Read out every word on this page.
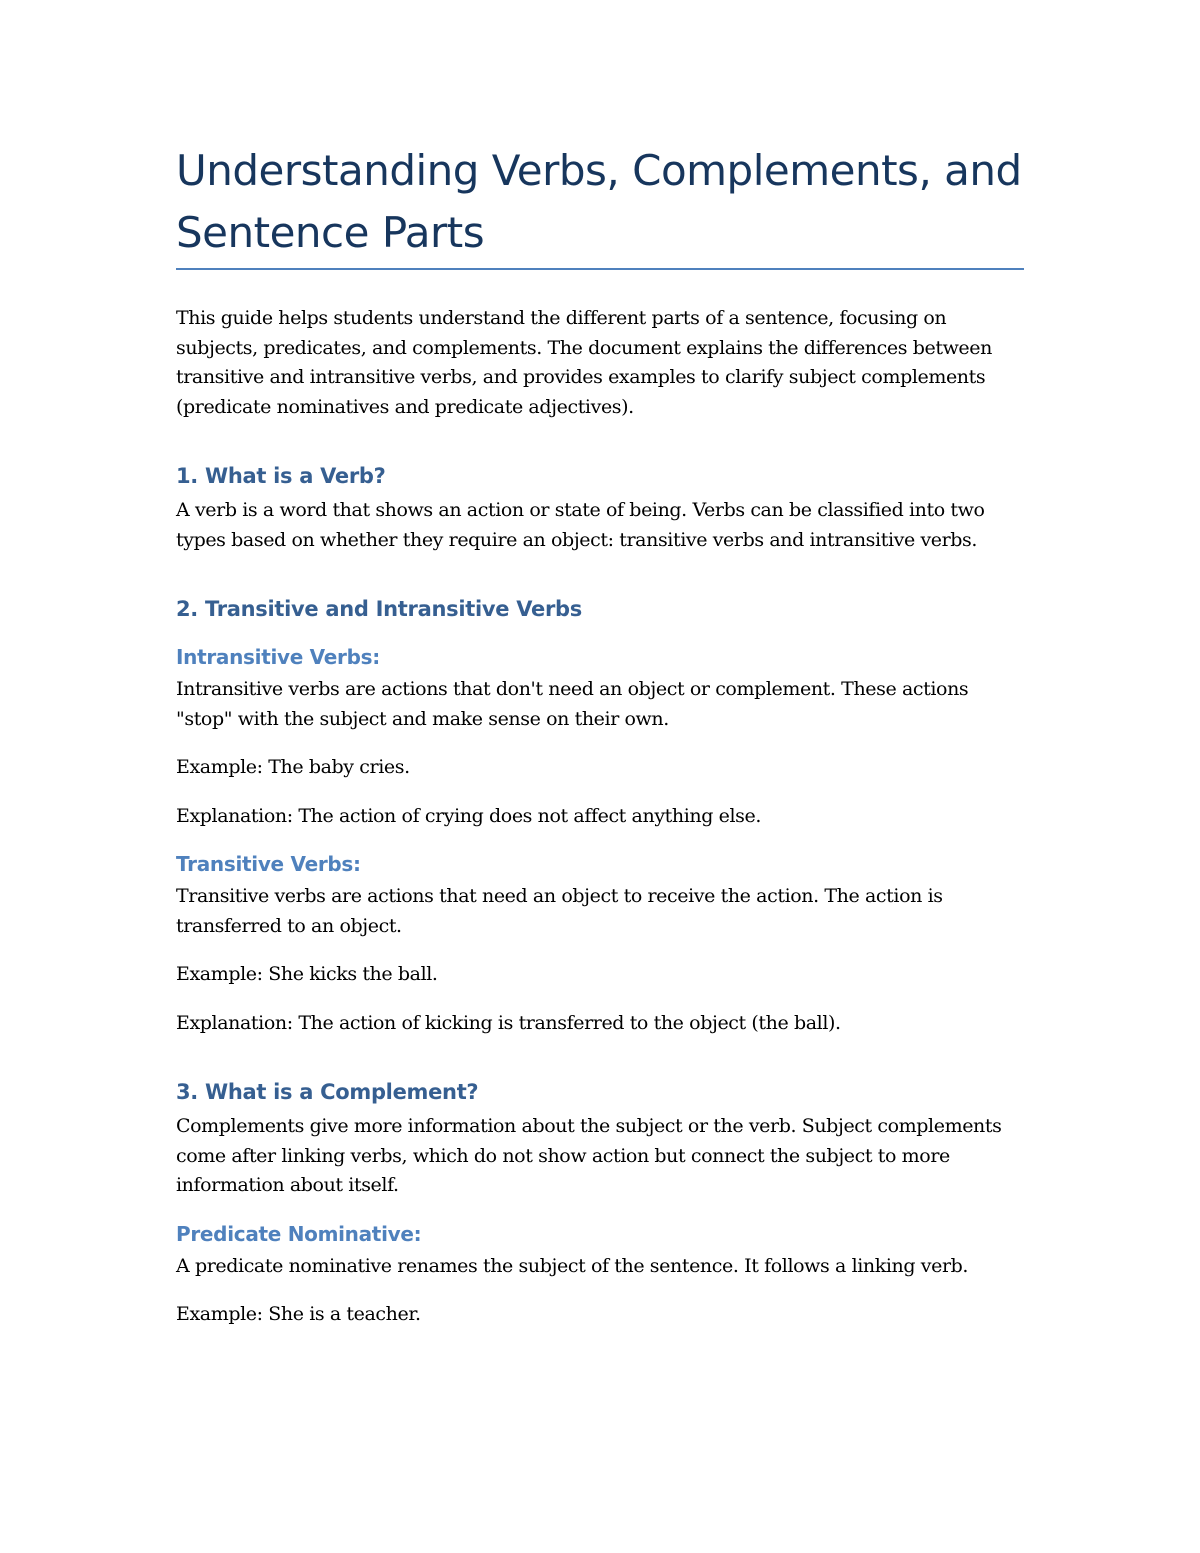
Understanding Verbs, Complements, and Sentence Parts

This guide helps students understand the different parts of a sentence, focusing on subjects, predicates, and complements. The document explains the differences between transitive and intransitive verbs, and provides examples to clarify subject complements (predicate nominatives and predicate adjectives).

1. What is a Verb?

A verb is a word that shows an action or state of being. Verbs can be classified into two types based on whether they require an object: transitive verbs and intransitive verbs.

2. Transitive and Intransitive Verbs
Intransitive Verbs:

Intransitive verbs are actions that don't need an object or complement. These actions "stop" with the subject and make sense on their own.

Example: The baby cries.

Explanation: The action of crying does not affect anything else.

Transitive Verbs:

Transitive verbs are actions that need an object to receive the action. The action is transferred to an object.

Example: She kicks the ball.

Explanation: The action of kicking is transferred to the object (the ball).

3. What is a Complement?

Complements give more information about the subject or the verb. Subject complements come after linking verbs, which do not show action but connect the subject to more information about itself.

Predicate Nominative:

A predicate nominative renames the subject of the sentence. It follows a linking verb.

Example: She is a teacher.
